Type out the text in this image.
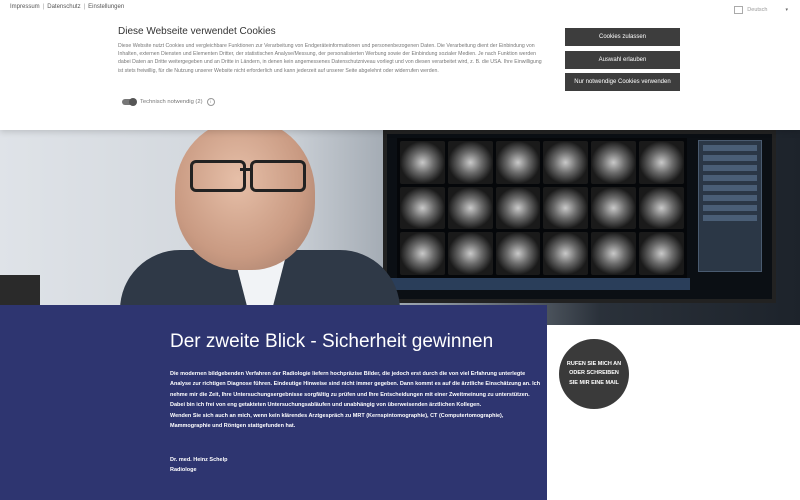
Impressum | Datenschutz | Einstellungen	Deutsch	▾
Diese Webseite verwendet Cookies

Diese Website nutzt Cookies und vergleichbare Funktionen zur Verarbeitung von Endgeräteinformationen und personenbezogenen Daten. Die Verarbeitung dient der Einbindung von Inhalten, externen Diensten und Elementen Dritter, der statistischen Analyse/Messung, der personalisierten Werbung sowie der Einbindung sozialer Medien. Je nach Funktion werden dabei Daten an Dritte weitergegeben und an Dritte in Ländern, in denen kein angemessenes Datenschutzniveau vorliegt und von diesen verarbeitet wird, z. B. die USA. Ihre Einwilligung ist stets freiwillig, für die Nutzung unserer Website nicht erforderlich und kann jederzeit auf unserer Seite abgelehnt oder widerrufen werden.

Technisch notwendig (2)	i
Cookies zulassen
Auswahl erlauben
Nur notwendige Cookies verwenden
Der zweite Blick - Sicherheit gewinnen
Die modernen bildgebenden Verfahren der Radiologie liefern hochpräzise Bilder, die jedoch erst durch die von viel Erfahrung unterlegte Analyse zur richtigen Diagnose führen. Eindeutige Hinweise sind nicht immer gegeben. Dann kommt es auf die ärztliche Einschätzung an. Ich nehme mir die Zeit, Ihre Untersuchungsergebnisse sorgfältig zu prüfen und Ihre Entscheidungen mit einer Zweitmeinung zu unterstützen. Dabei bin ich frei von eng getakteten Untersuchungsabläufen und unabhängig von überweisenden ärztlichen Kollegen.
Wenden Sie sich auch an mich, wenn kein klärendes Arztgespräch zu MRT (Kernspintomographie), CT (Computertomographie), Mammographie und Röntgen stattgefunden hat.
Dr. med. Heinz Schelp
Radiologe
RUFEN SIE MICH AN ODER SCHREIBEN SIE MIR EINE MAIL
